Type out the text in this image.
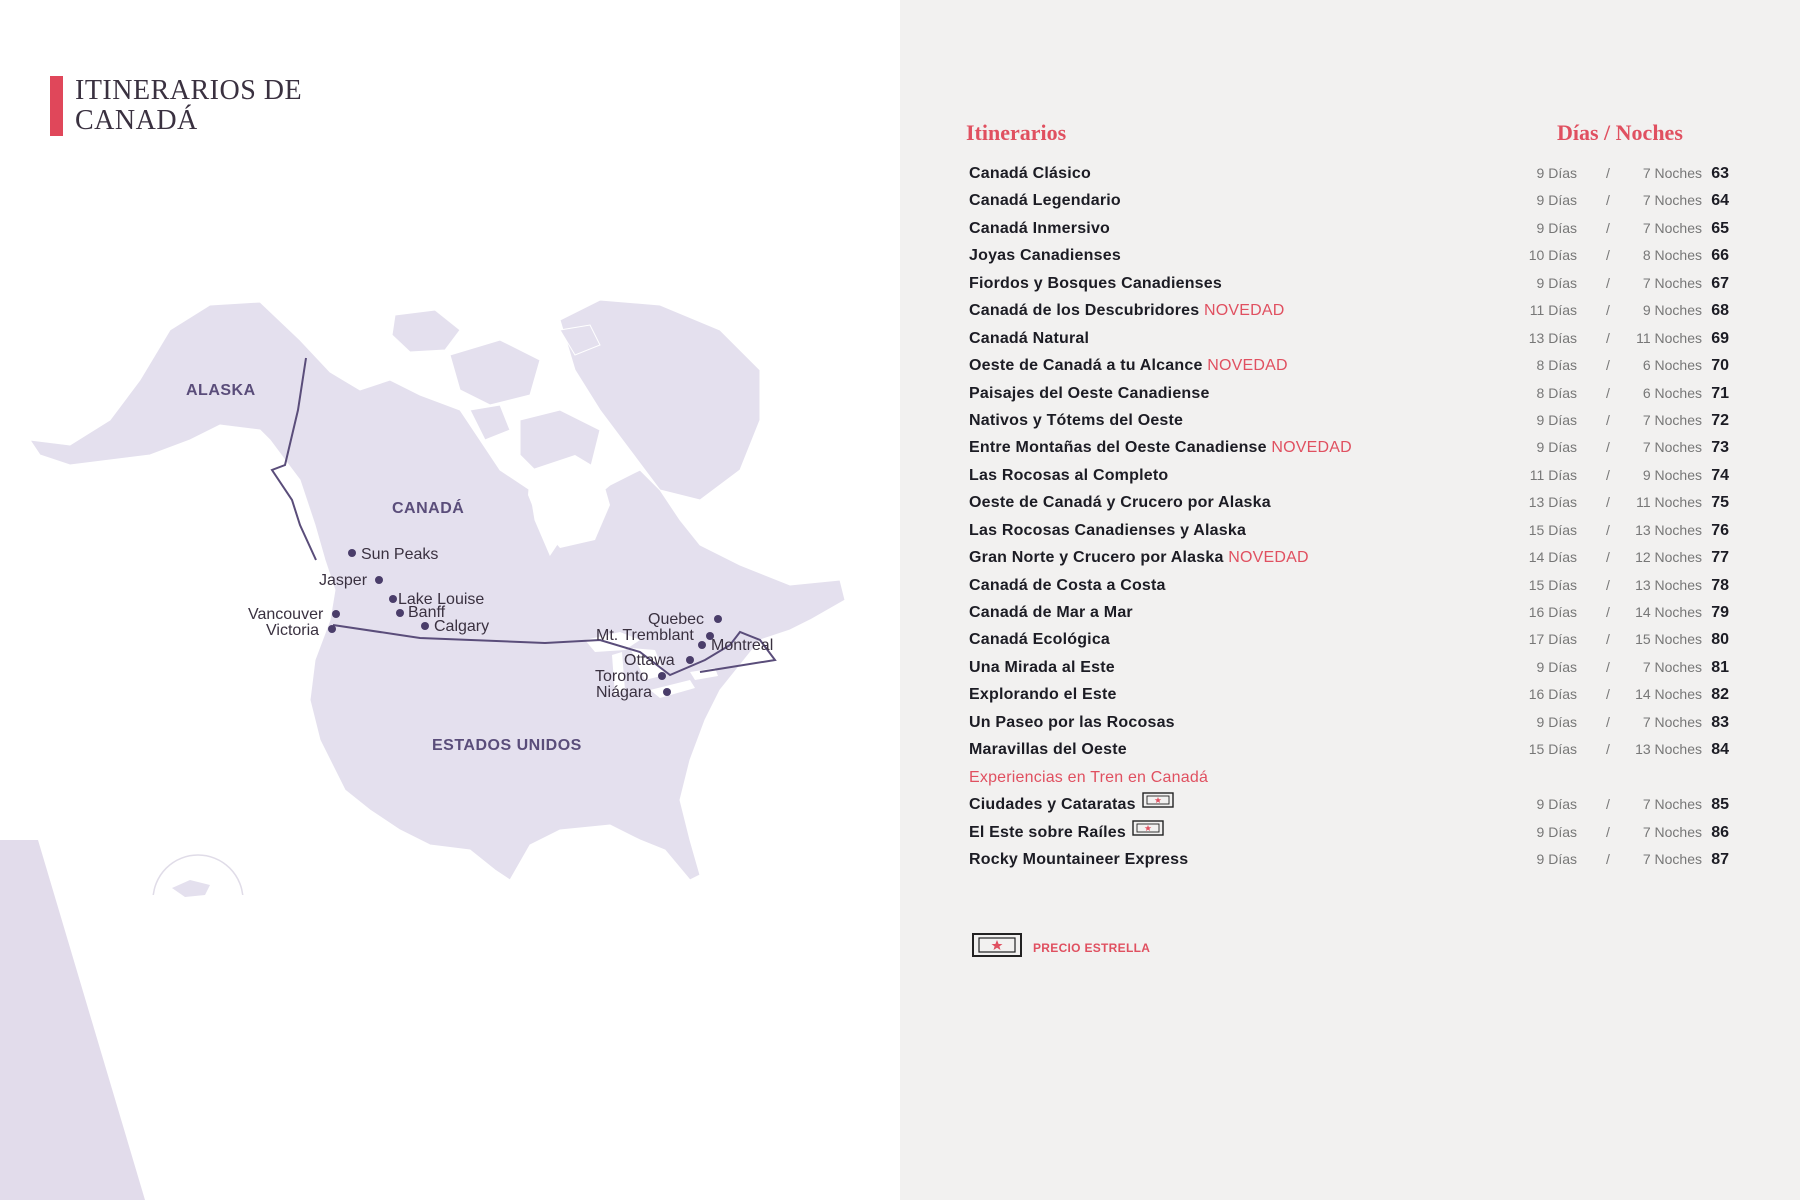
ITINERARIOS DE
CANADÁ
ALASKA
CANADÁ
ESTADOS UNIDOS
Sun Peaks
Jasper
Lake Louise
Banff
Calgary
Vancouver
Victoria
Quebec
Mt. Tremblant
Montreal
Ottawa
Toronto
Niágara
Itinerarios	Días / Noches
Canadá Clásico	9 Días / 7 Noches 63
Canadá Legendario	9 Días / 7 Noches 64
Canadá Inmersivo	9 Días / 7 Noches 65
Joyas Canadienses	10 Días / 8 Noches 66
Fiordos y Bosques Canadienses	9 Días / 7 Noches 67
Canadá de los Descubridores NOVEDAD	11 Días / 9 Noches 68
Canadá Natural	13 Días / 11 Noches 69
Oeste de Canadá a tu Alcance NOVEDAD	8 Días / 6 Noches 70
Paisajes del Oeste Canadiense	8 Días / 6 Noches 71
Nativos y Tótems del Oeste	9 Días / 7 Noches 72
Entre Montañas del Oeste Canadiense NOVEDAD	9 Días / 7 Noches 73
Las Rocosas al Completo	11 Días / 9 Noches 74
Oeste de Canadá y Crucero por Alaska	13 Días / 11 Noches 75
Las Rocosas Canadienses y Alaska	15 Días / 13 Noches 76
Gran Norte y Crucero por Alaska NOVEDAD	14 Días / 12 Noches 77
Canadá de Costa a Costa	15 Días / 13 Noches 78
Canadá de Mar a Mar	16 Días / 14 Noches 79
Canadá Ecológica	17 Días / 15 Noches 80
Una Mirada al Este	9 Días / 7 Noches 81
Explorando el Este	16 Días / 14 Noches 82
Un Paseo por las Rocosas	9 Días / 7 Noches 83
Maravillas del Oeste	15 Días / 13 Noches 84
Experiencias en Tren en Canadá
Ciudades y Cataratas	9 Días / 7 Noches 85
El Este sobre Raíles	9 Días / 7 Noches 86
Rocky Mountaineer Express	9 Días / 7 Noches 87
PRECIO ESTRELLA
